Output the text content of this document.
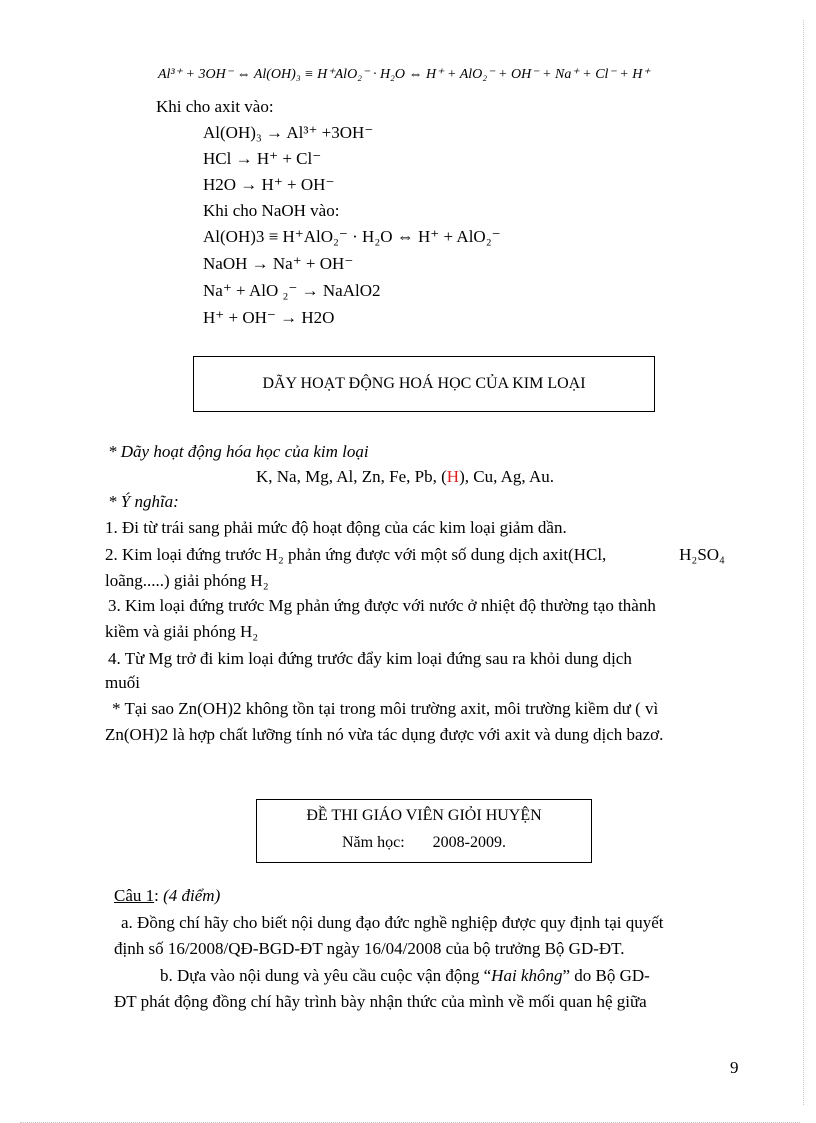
Al³⁺ + 3OH⁻ ⇔ Al(OH)₃ ≡ H⁺AlO₂⁻ · H₂O ⇔ H⁺ + AlO₂⁻ + OH⁻ + Na⁺ + Cl⁻ + H⁺
Khi cho axit vào:
Al(OH)₃ → Al³⁺ +3OH⁻
HCl → H⁺ + Cl⁻
H2O → H⁺ + OH⁻
Khi cho NaOH vào:
Al(OH)3 ≡ H⁺AlO₂⁻ · H₂O ⇔ H⁺ + AlO₂⁻
NaOH → Na⁺ + OH⁻
Na⁺ + AlO ₂⁻ → NaAlO2
H⁺ + OH⁻ → H2O
DÃY HOẠT ĐỘNG HOÁ HỌC CỦA KIM LOẠI
* Dãy hoạt động hóa học của kim loại
K, Na, Mg, Al, Zn, Fe, Pb, (H), Cu, Ag, Au.
* Ý nghĩa:
1. Đi từ trái sang phải mức độ hoạt động của các kim loại giảm dần.
2. Kim loại đứng trước H₂ phản ứng được với một số dung dịch axit(HCl,	H₂SO₄
loãng.....) giải phóng H₂
3. Kim loại đứng trước Mg phản ứng được với nước ở nhiệt độ thường tạo thành
kiềm và giải phóng H₂
4. Từ Mg trở đi kim loại đứng trước đẩy kim loại đứng sau ra khỏi dung dịch
muối
* Tại sao Zn(OH)2 không tồn tại trong môi trường axit, môi trường kiềm dư ( vì
Zn(OH)2 là hợp chất lưỡng tính nó vừa tác dụng được với axit và dung dịch bazơ.
ĐỀ THI GIÁO VIÊN GIỎI HUYỆN
Năm học: 2008-2009.
Câu 1: (4 điểm)
a. Đồng chí hãy cho biết nội dung đạo đức nghề nghiệp được quy định tại quyết
định số 16/2008/QĐ-BGD-ĐT ngày 16/04/2008 của bộ trưởng Bộ GD-ĐT.
b. Dựa vào nội dung và yêu cầu cuộc vận động “Hai không” do Bộ GD-
ĐT phát động đồng chí hãy trình bày nhận thức của mình về mối quan hệ giữa
9
